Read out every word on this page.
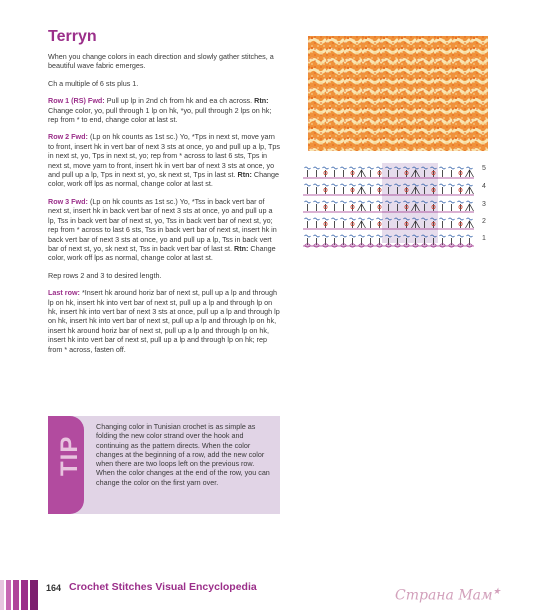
Terryn

When you change colors in each direction and slowly gather stitches, a beautiful wave fabric emerges.

Ch a multiple of 6 sts plus 1.

Row 1 (RS) Fwd: Pull up lp in 2nd ch from hk and ea ch across. Rtn: Change color, yo, pull through 1 lp on hk, *yo, pull through 2 lps on hk; rep from * to end, change color at last st.

Row 2 Fwd: (Lp on hk counts as 1st sc.) Yo, *Tps in next st, move yarn to front, insert hk in vert bar of next 3 sts at once, yo and pull up a lp, Tps in next st, yo, Tps in next st, yo; rep from * across to last 6 sts, Tps in next st, move yarn to front, insert hk in vert bar of next 3 sts at once, yo and pull up a lp, Tps in next st, yo, sk next st, Tps in last st. Rtn: Change color, work off lps as normal, change color at last st.

Row 3 Fwd: (Lp on hk counts as 1st sc.) Yo, *Tss in back vert bar of next st, insert hk in back vert bar of next 3 sts at once, yo and pull up a lp, Tss in back vert bar of next st, yo, Tss in back vert bar of next st, yo; rep from * across to last 6 sts, Tss in back vert bar of next st, insert hk in back vert bar of next 3 sts at once, yo and pull up a lp, Tss in back vert bar of next st, yo, sk next st, Tss in back vert bar of last st. Rtn: Change color, work off lps as normal, change color at last st.

Rep rows 2 and 3 to desired length.

Last row: *Insert hk around horiz bar of next st, pull up a lp and through lp on hk, insert hk into vert bar of next st, pull up a lp and through lp on hk, insert hk into vert bar of next 3 sts at once, pull up a lp and through lp on hk, insert hk into vert bar of next st, pull up a lp and through lp on hk, insert hk around horiz bar of next st, pull up a lp and through lp on hk, insert hk into vert bar of next st, pull up a lp and through lp on hk; rep from * across, fasten off.

5
4
3
2
1
TIP
Changing color in Tunisian crochet is as simple as folding the new color strand over the hook and continuing as the pattern directs. When the color changes at the beginning of a row, add the new color when there are two loops left on the previous row. When the color changes at the end of the row, you can change the color on the first yarn over.
164 Crochet Stitches Visual Encyclopedia
Страна Мам★
